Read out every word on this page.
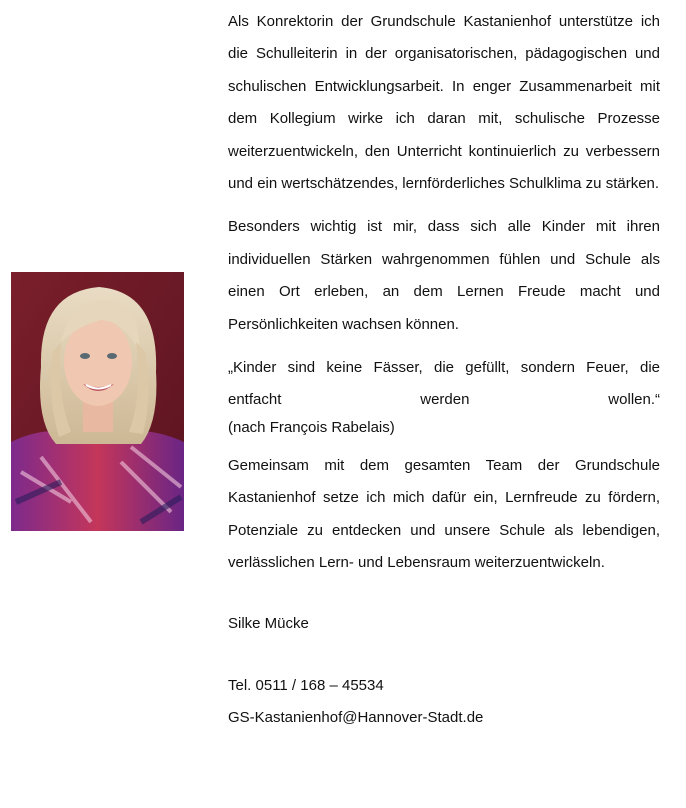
Als Konrektorin der Grundschule Kastanienhof unterstütze ich die Schulleiterin in der organisatorischen, pädagogischen und schulischen Entwicklungsarbeit. In enger Zusammenarbeit mit dem Kollegium wirke ich daran mit, schulische Prozesse weiterzuentwickeln, den Unterricht kontinuierlich zu verbessern und ein wertschätzendes, lernförderliches Schulklima zu stärken.

Besonders wichtig ist mir, dass sich alle Kinder mit ihren individuellen Stärken wahrgenommen fühlen und Schule als einen Ort erleben, an dem Lernen Freude macht und Persönlichkeiten wachsen können.

„Kinder sind keine Fässer, die gefüllt, sondern Feuer, die entfacht werden wollen.“

(nach François Rabelais)

Gemeinsam mit dem gesamten Team der Grundschule Kastanienhof setze ich mich dafür ein, Lernfreude zu fördern, Potenziale zu entdecken und unsere Schule als lebendigen, verlässlichen Lern- und Lebensraum weiterzuentwickeln.

Silke Mücke

Tel. 0511 / 168 – 45534

GS-Kastanienhof@Hannover-Stadt.de
